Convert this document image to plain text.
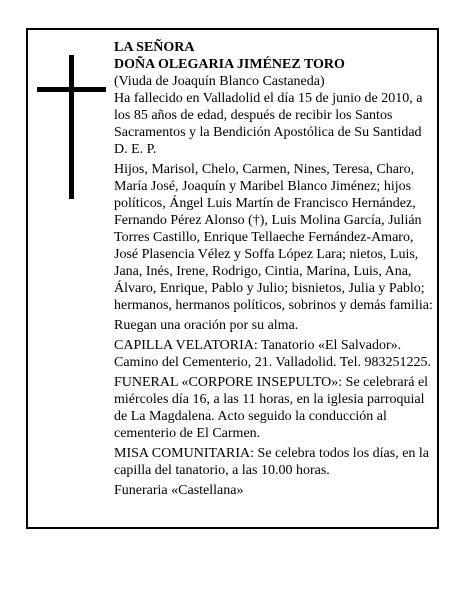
LA SEÑORA

DOÑA OLEGARIA JIMÉNEZ TORO

(Viuda de Joaquín Blanco Castaneda)

Ha fallecido en Valladolid el día 15 de junio de 2010, a los 85 años de edad, después de recibir los Santos Sacramentos y la Bendición Apostólica de Su Santidad D. E. P.

Hijos, Marisol, Chelo, Carmen, Nines, Teresa, Charo, María José, Joaquín y Maribel Blanco Jiménez; hijos políticos, Ángel Luis Martín de Francisco Hernández, Fernando Pérez Alonso (†), Luis Molina García, Julián Torres Castillo, Enrique Tellaeche Fernández-Amaro, José Plasencia Vélez y Soffa López Lara; nietos, Luis, Jana, Inés, Irene, Rodrigo, Cintia, Marina, Luis, Ana, Álvaro, Enrique, Pablo y Julio; bisnietos, Julia y Pablo; hermanos, hermanos políticos, sobrinos y demás familia:

Ruegan una oración por su alma.

CAPILLA VELATORIA: Tanatorio «El Salvador». Camino del Cementerio, 21. Valladolid. Tel. 983251225.

FUNERAL «CORPORE INSEPULTO»: Se celebrará el miércoles día 16, a las 11 horas, en la iglesia parroquial de La Magdalena. Acto seguido la conducción al cementerio de El Carmen.

MISA COMUNITARIA: Se celebra todos los días, en la capilla del tanatorio, a las 10.00 horas.

Funeraria «Castellana»
